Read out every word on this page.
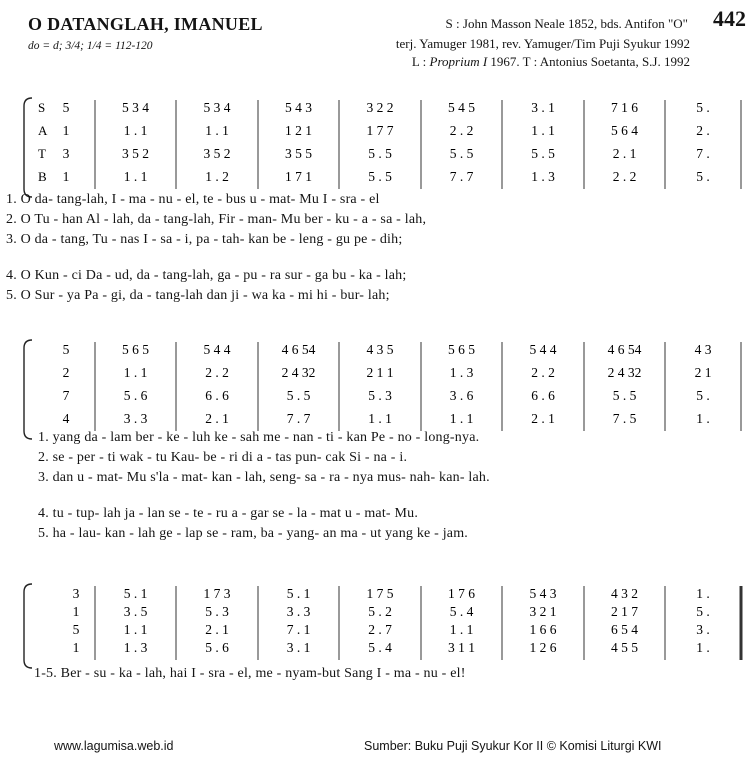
O DATANGLAH, IMANUEL
do = d; 3/4; 1/4 = 112-120
442
S : John Masson Neale 1852, bds. Antifon "O"
terj. Yamuger 1981, rev. Yamuger/Tim Puji Syukur 1992
L : Proprium I 1967. T : Antonius Soetanta, S.J. 1992
S
A
T
B
5	5 3 4	5 3 4	5 4 3	3 2 2	5 4 5	3 . 1	7 1 6	5 .
1	1 . 1	1 . 1	1 2 1	1 7 7	2 . 2	1 . 1	5 6 4	2 .
3	3 5 2	3 5 2	3 5 5	5 . 5	5 . 5	5 . 5	2 . 1	7 .
1	1 . 1	1 . 2	1 7 1	5 . 5	7 . 7	1 . 3	2 . 2	5 .
1. O da- tang-lah, I - ma - nu - el, te - bus u - mat- Mu I - sra - el
2. O Tu - han Al - lah, da - tang-lah, Fir - man- Mu ber - ku - a - sa - lah,
3. O da - tang, Tu - nas I - sa - i, pa - tah- kan be - leng - gu pe - dih;
4. O Kun - ci Da - ud, da - tang-lah, ga - pu - ra sur - ga bu - ka - lah;
5. O Sur - ya Pa - gi, da - tang-lah dan ji - wa ka - mi hi - bur- lah;
5	5 6 5	5 4 4	4 6 54	4 3 5	5 6 5	5 4 4	4 6 54	4 3
2	1 . 1	2 . 2	2 4 32	2 1 1	1 . 3	2 . 2	2 4 32	2 1
7	5 . 6	6 . 6	5 . 5	5 . 3	3 . 6	6 . 6	5 . 5	5 .
4	3 . 3	2 . 1	7 . 7	1 . 1	1 . 1	2 . 1	7 . 5	1 .
1. yang da - lam ber - ke - luh ke - sah me - nan - ti - kan Pe - no - long-nya.
2. se - per - ti wak - tu Kau- be - ri di a - tas pun- cak Si - na - i.
3. dan u - mat- Mu s'la - mat- kan - lah, seng- sa - ra - nya mus- nah- kan- lah.
4. tu - tup- lah ja - lan se - te - ru a - gar se - la - mat u - mat- Mu.
5. ha - lau- kan - lah ge - lap se - ram, ba - yang- an ma - ut yang ke - jam.
3	5 . 1	1 7 3	5 . 1	1 7 5	1 7 6	5 4 3	4 3 2	1 .
1	3 . 5	5 . 3	3 . 3	5 . 2	5 . 4	3 2 1	2 1 7	5 .
5	1 . 1	2 . 1	7 . 1	2 . 7	1 . 1	1 6 6	6 5 4	3 .
1	1 . 3	5 . 6	3 . 1	5 . 4	3 1 1	1 2 6	4 5 5	1 .
1-5. Ber - su - ka - lah, hai I - sra - el, me - nyam-but Sang I - ma - nu - el!
www.lagumisa.web.id	Sumber: Buku Puji Syukur Kor II © Komisi Liturgi KWI
